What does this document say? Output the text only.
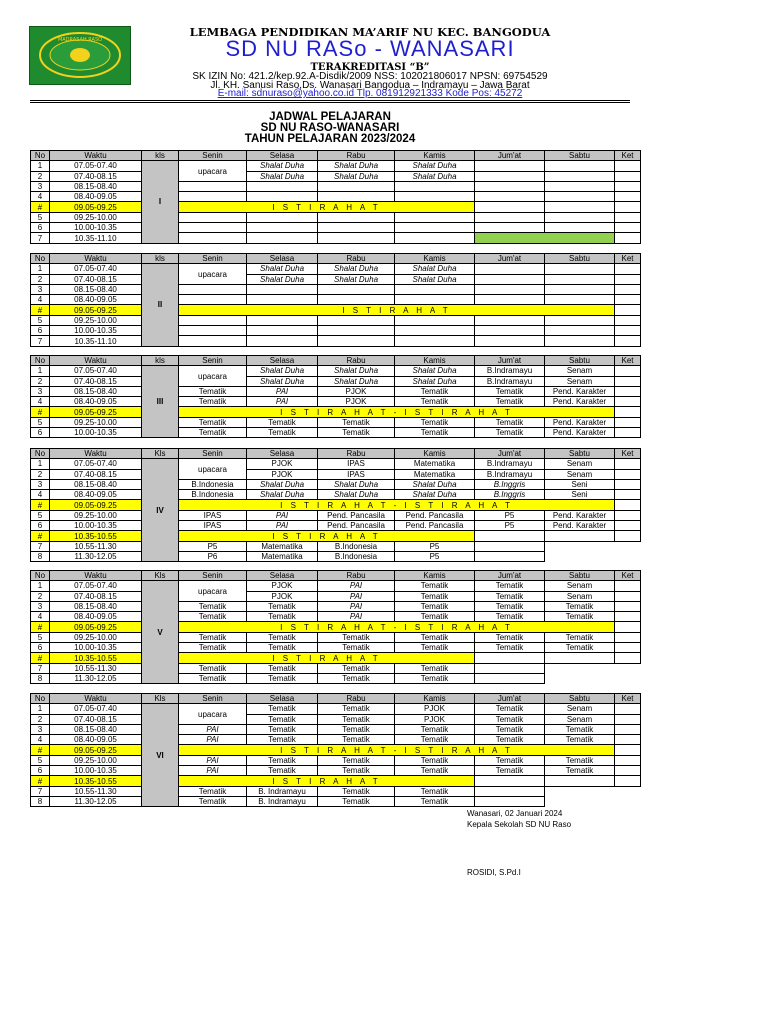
MADRASAH RASO
LEMBAGA PENDIDIKAN MA’ARIF NU KEC. BANGODUA
SD NU RASo - WANASARI
TERAKREDITASI “B”
SK IZIN No: 421.2/kep.92.A-Disdik/2009 NSS: 102021806017 NPSN: 69754529
Jl. KH. Sanusi Raso,Ds. Wanasari Bangodua – Indramayu – Jawa Barat
E-mail: sdnuraso@yahoo.co.id Tlp. 081912921333 Kode Pos: 45272
JADWAL PELAJARAN
SD NU RASO-WANASARI
TAHUN PELAJARAN 2023/2024
No	Waktu	kls	Senin	Selasa	Rabu	Kamis	Jum'at	Sabtu	Ket
1	07.05-07.40	I	upacara	Shalat Duha	Shalat Duha	Shalat Duha			
2	07.40-08.15			Shalat Duha	Shalat Duha	Shalat Duha			
3	08.15-08.40								
4	08.40-09.05								
#	09.05-09.25		I S T I R A H A T						
5	09.25-10.00								
6	10.00-10.35								
7	10.35-11.10								
No	Waktu	kls	Senin	Selasa	Rabu	Kamis	Jum'at	Sabtu	Ket
1	07.05-07.40	II	upacara	Shalat Duha	Shalat Duha	Shalat Duha			
2	07.40-08.15			Shalat Duha	Shalat Duha	Shalat Duha			
3	08.15-08.40								
4	08.40-09.05								
#	09.05-09.25		I S T I R A H A T						
5	09.25-10.00								
6	10.00-10.35								
7	10.35-11.10								
No	Waktu	kls	Senin	Selasa	Rabu	Kamis	Jum'at	Sabtu	Ket
1	07.05-07.40	III	upacara	Shalat Duha	Shalat Duha	Shalat Duha	B.Indramayu	Senam	
2	07.40-08.15			Shalat Duha	Shalat Duha	Shalat Duha	B.Indramayu	Senam	
3	08.15-08.40		Tematik	PAI	PJOK	Tematik	Tematik	Pend. Karakter	
4	08.40-09.05		Tematik	PAI	PJOK	Tematik	Tematik	Pend. Karakter	
#	09.05-09.25		I S T I R A H A T - I S T I R A H A T						
5	09.25-10.00		Tematik	Tematik	Tematik	Tematik	Tematik	Pend. Karakter	
6	10.00-10.35		Tematik	Tematik	Tematik	Tematik	Tematik	Pend. Karakter	
No	Waktu	Kls	Senin	Selasa	Rabu	Kamis	Jum'at	Sabtu	Ket
1	07.05-07.40	IV	upacara	PJOK	IPAS	Matematika	B.Indramayu	Senam	
2	07.40-08.15			PJOK	IPAS	Matematika	B.Indramayu	Senam	
3	08.15-08.40		B.Indonesia	Shalat Duha	Shalat Duha	Shalat Duha	B.Inggris	Seni	
4	08.40-09.05		B.Indonesia	Shalat Duha	Shalat Duha	Shalat Duha	B.Inggris	Seni	
#	09.05-09.25		I S T I R A H A T - I S T I R A H A T						
5	09.25-10.00		IPAS	PAI	Pend. Pancasila	Pend. Pancasila	P5	Pend. Karakter	
6	10.00-10.35		IPAS	PAI	Pend. Pancasila	Pend. Pancasila	P5	Pend. Karakter	
#	10.35-10.55		I S T I R A H A T						
7	10.55-11.30		P5	Matematika	B.Indonesia	P5			
8	11.30-12.05		P6	Matematika	B.Indonesia	P5			
No	Waktu	Kls	Senin	Selasa	Rabu	Kamis	Jum'at	Sabtu	Ket
1	07.05-07.40	V	upacara	PJOK	PAI	Tematik	Tematik	Senam	
2	07.40-08.15			PJOK	PAI	Tematik	Tematik	Senam	
3	08.15-08.40		Tematik	Tematik	PAI	Tematik	Tematik	Tematik	
4	08.40-09.05		Tematik	Tematik	PAI	Tematik	Tematik	Tematik	
#	09.05-09.25		I S T I R A H A T - I S T I R A H A T						
5	09.25-10.00		Tematik	Tematik	Tematik	Tematik	Tematik	Tematik	
6	10.00-10.35		Tematik	Tematik	Tematik	Tematik	Tematik	Tematik	
#	10.35-10.55		I S T I R A H A T						
7	10.55-11.30		Tematik	Tematik	Tematik	Tematik			
8	11.30-12.05		Tematik	Tematik	Tematik	Tematik			
No	Waktu	Kls	Senin	Selasa	Rabu	Kamis	Jum'at	Sabtu	Ket
1	07.05-07.40	VI	upacara	Tematik	Tematik	PJOK	Tematik	Senam	
2	07.40-08.15			Tematik	Tematik	PJOK	Tematik	Senam	
3	08.15-08.40		PAI	Tematik	Tematik	Tematik	Tematik	Tematik	
4	08.40-09.05		PAI	Tematik	Tematik	Tematik	Tematik	Tematik	
#	09.05-09.25		I S T I R A H A T - I S T I R A H A T						
5	09.25-10.00		PAI	Tematik	Tematik	Tematik	Tematik	Tematik	
6	10.00-10.35		PAI	Tematik	Tematik	Tematik	Tematik	Tematik	
#	10.35-10.55		I S T I R A H A T						
7	10.55-11.30		Tematik	B. Indramayu	Tematik	Tematik			
8	11.30-12.05		Tematik	B. Indramayu	Tematik	Tematik			
Wanasari, 02 Januari 2024
Kepala Sekolah SD NU Raso
ROSIDI, S.Pd.I
